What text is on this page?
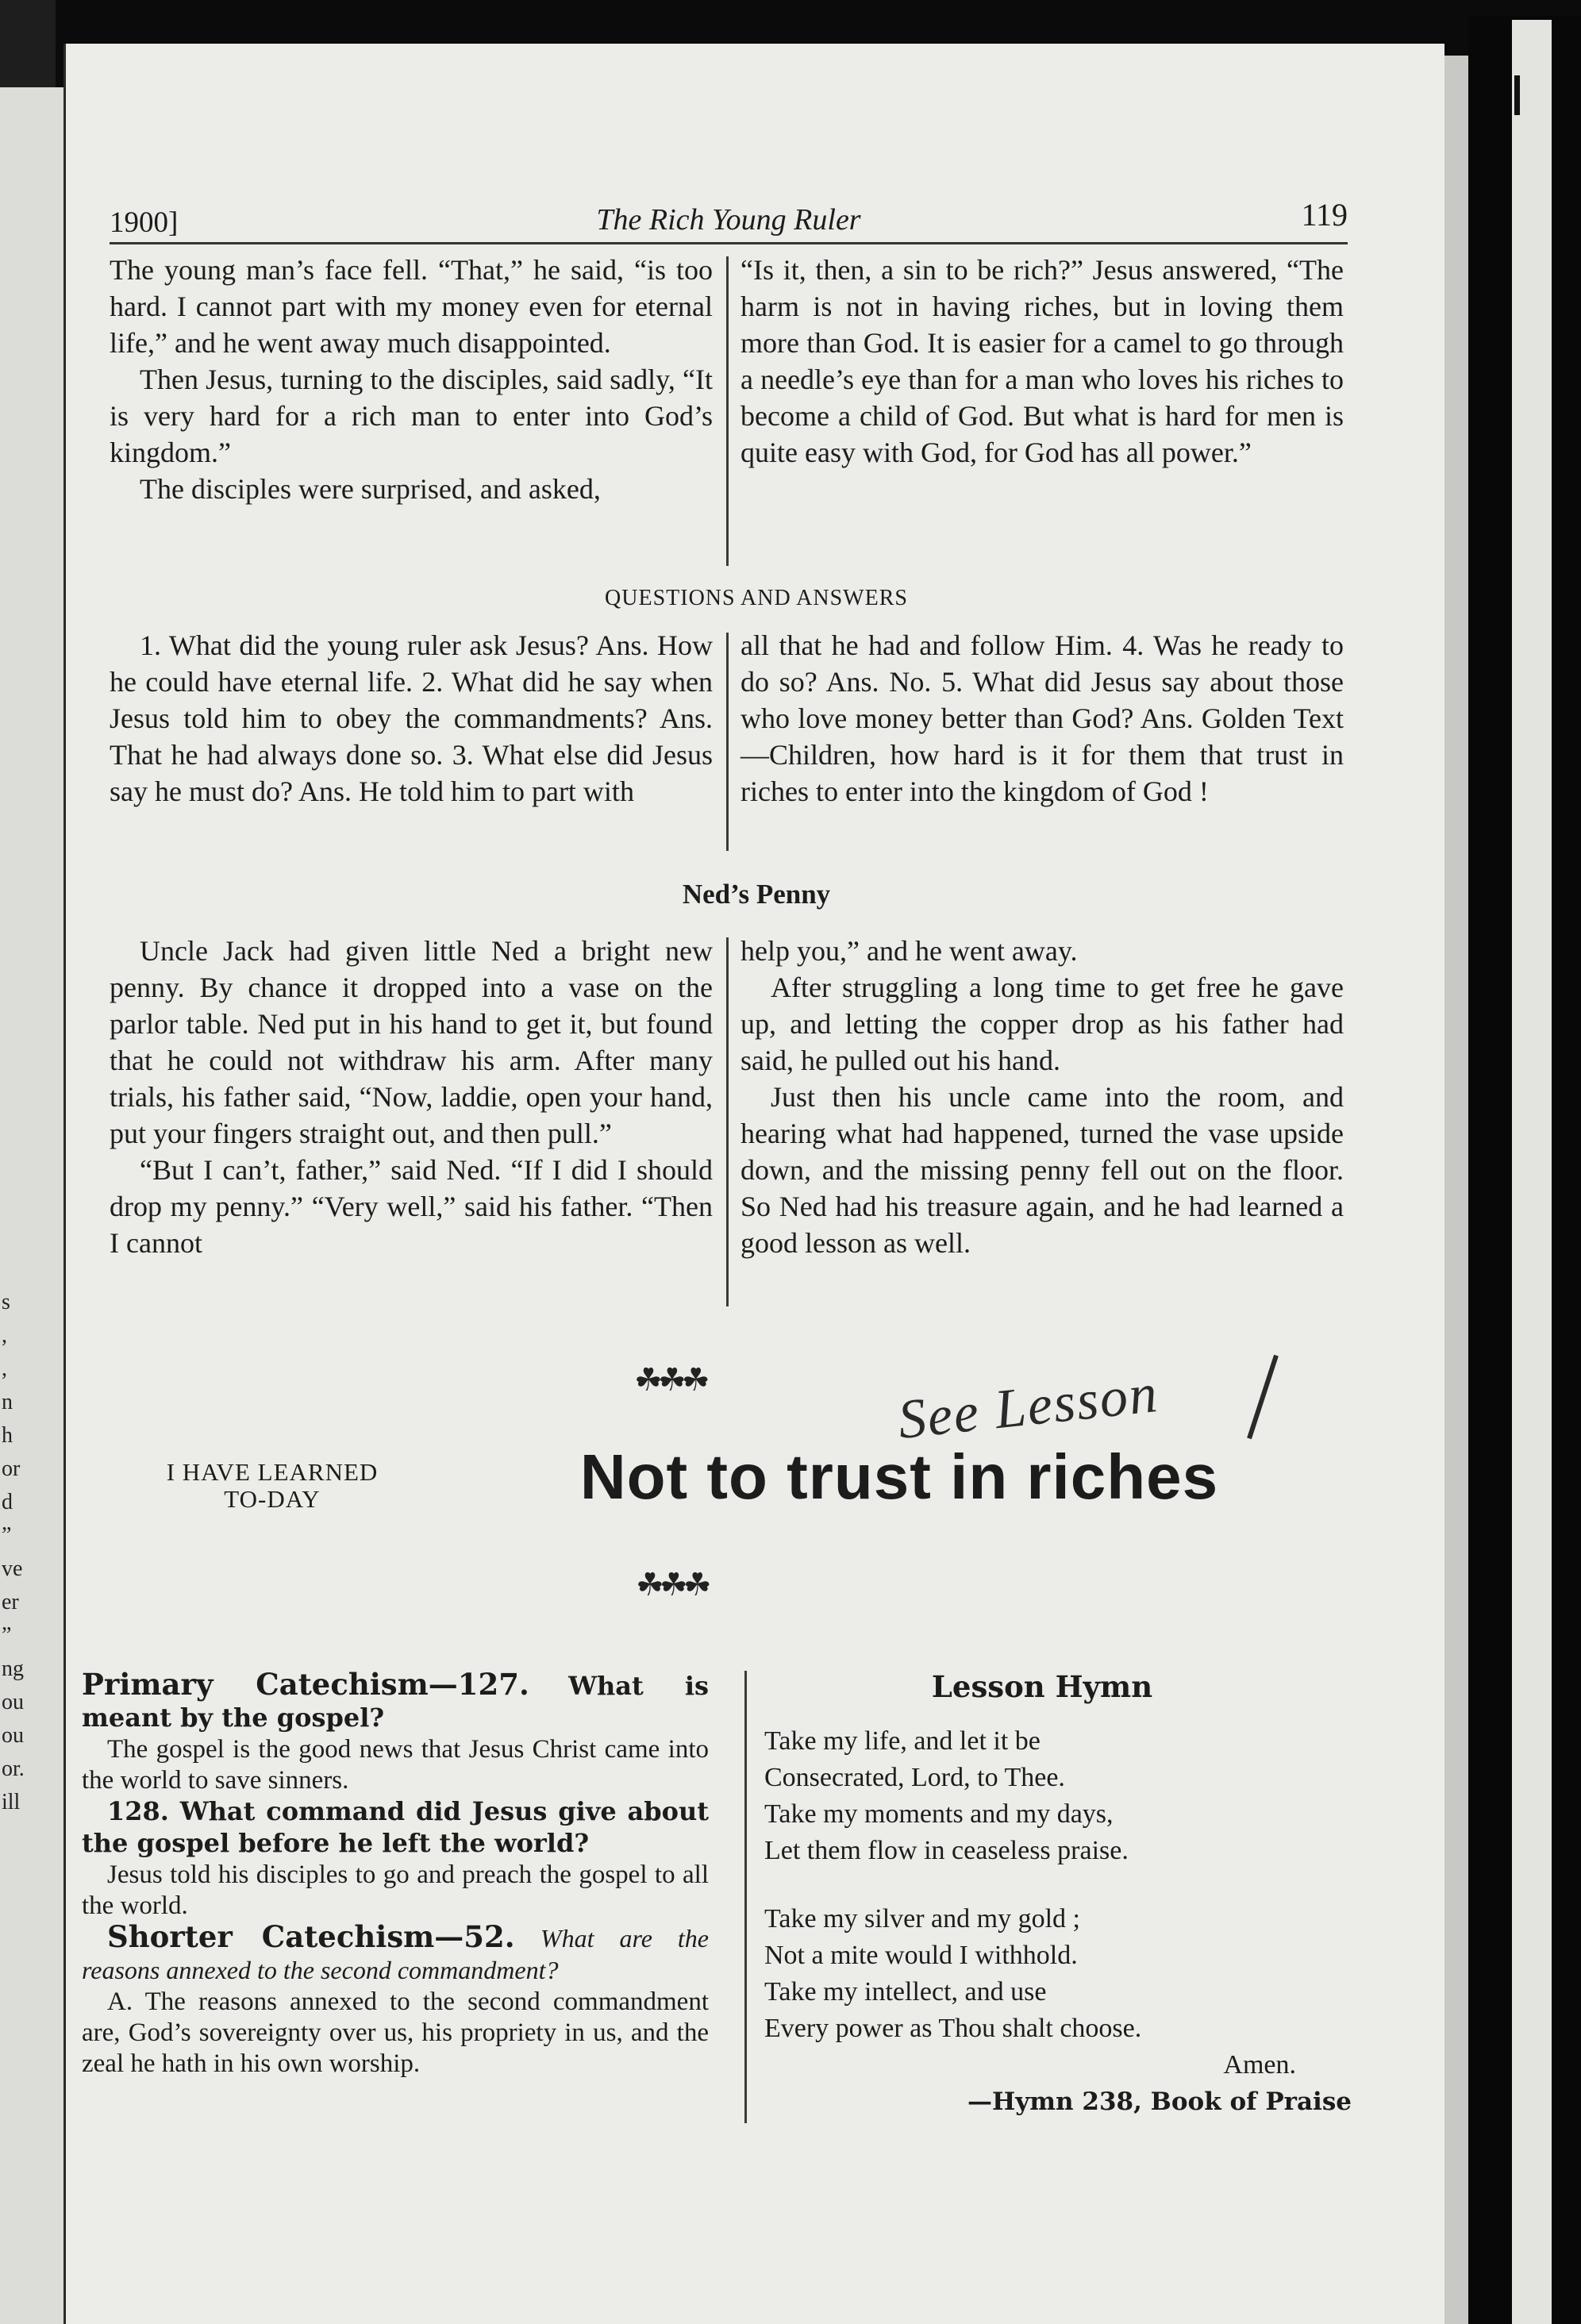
s
,
,
n
h
or
d
”
ve
er
”
ng
ou
ou
or.
ill
1900]	The Rich Young Ruler	119

The young man’s face fell. “That,” he said, “is too hard. I cannot part with my money even for eternal life,” and he went away much disappointed.

Then Jesus, turning to the disciples, said sadly, “It is very hard for a rich man to enter into God’s kingdom.”

The disciples were surprised, and asked,

“Is it, then, a sin to be rich?” Jesus answered, “The harm is not in having riches, but in loving them more than God. It is easier for a camel to go through a needle’s eye than for a man who loves his riches to become a child of God. But what is hard for men is quite easy with God, for God has all power.”

QUESTIONS AND ANSWERS

1. What did the young ruler ask Jesus? Ans. How he could have eternal life. 2. What did he say when Jesus told him to obey the commandments? Ans. That he had always done so. 3. What else did Jesus say he must do? Ans. He told him to part with

all that he had and follow Him. 4. Was he ready to do so? Ans. No. 5. What did Jesus say about those who love money better than God? Ans. Golden Text—Children, how hard is it for them that trust in riches to enter into the kingdom of God !

Ned’s Penny

Uncle Jack had given little Ned a bright new penny. By chance it dropped into a vase on the parlor table. Ned put in his hand to get it, but found that he could not withdraw his arm. After many trials, his father said, “Now, laddie, open your hand, put your fingers straight out, and then pull.”

“But I can’t, father,” said Ned. “If I did I should drop my penny.” “Very well,” said his father. “Then I cannot

help you,” and he went away.

After struggling a long time to get free he gave up, and letting the copper drop as his father had said, he pulled out his hand.

Just then his uncle came into the room, and hearing what had happened, turned the vase upside down, and the missing penny fell out on the floor. So Ned had his treasure again, and he had learned a good lesson as well.

☘☘☘	See Lesson
I HAVE LEARNED
TO-DAY	Not to trust in riches
☘☘☘

Primary Catechism—127. What is meant by the gospel?

The gospel is the good news that Jesus Christ came into the world to save sinners.

128. What command did Jesus give about the gospel before he left the world?

Jesus told his disciples to go and preach the gospel to all the world.

Shorter Catechism—52. What are the reasons annexed to the second commandment?

A. The reasons annexed to the second commandment are, God’s sovereignty over us, his propriety in us, and the zeal he hath in his own worship.

Lesson Hymn
Take my life, and let it be
Consecrated, Lord, to Thee.
Take my moments and my days,
Let them flow in ceaseless praise.
Take my silver and my gold ;
Not a mite would I withhold.
Take my intellect, and use
Every power as Thou shalt choose.
Amen.
—Hymn 238, Book of Praise
